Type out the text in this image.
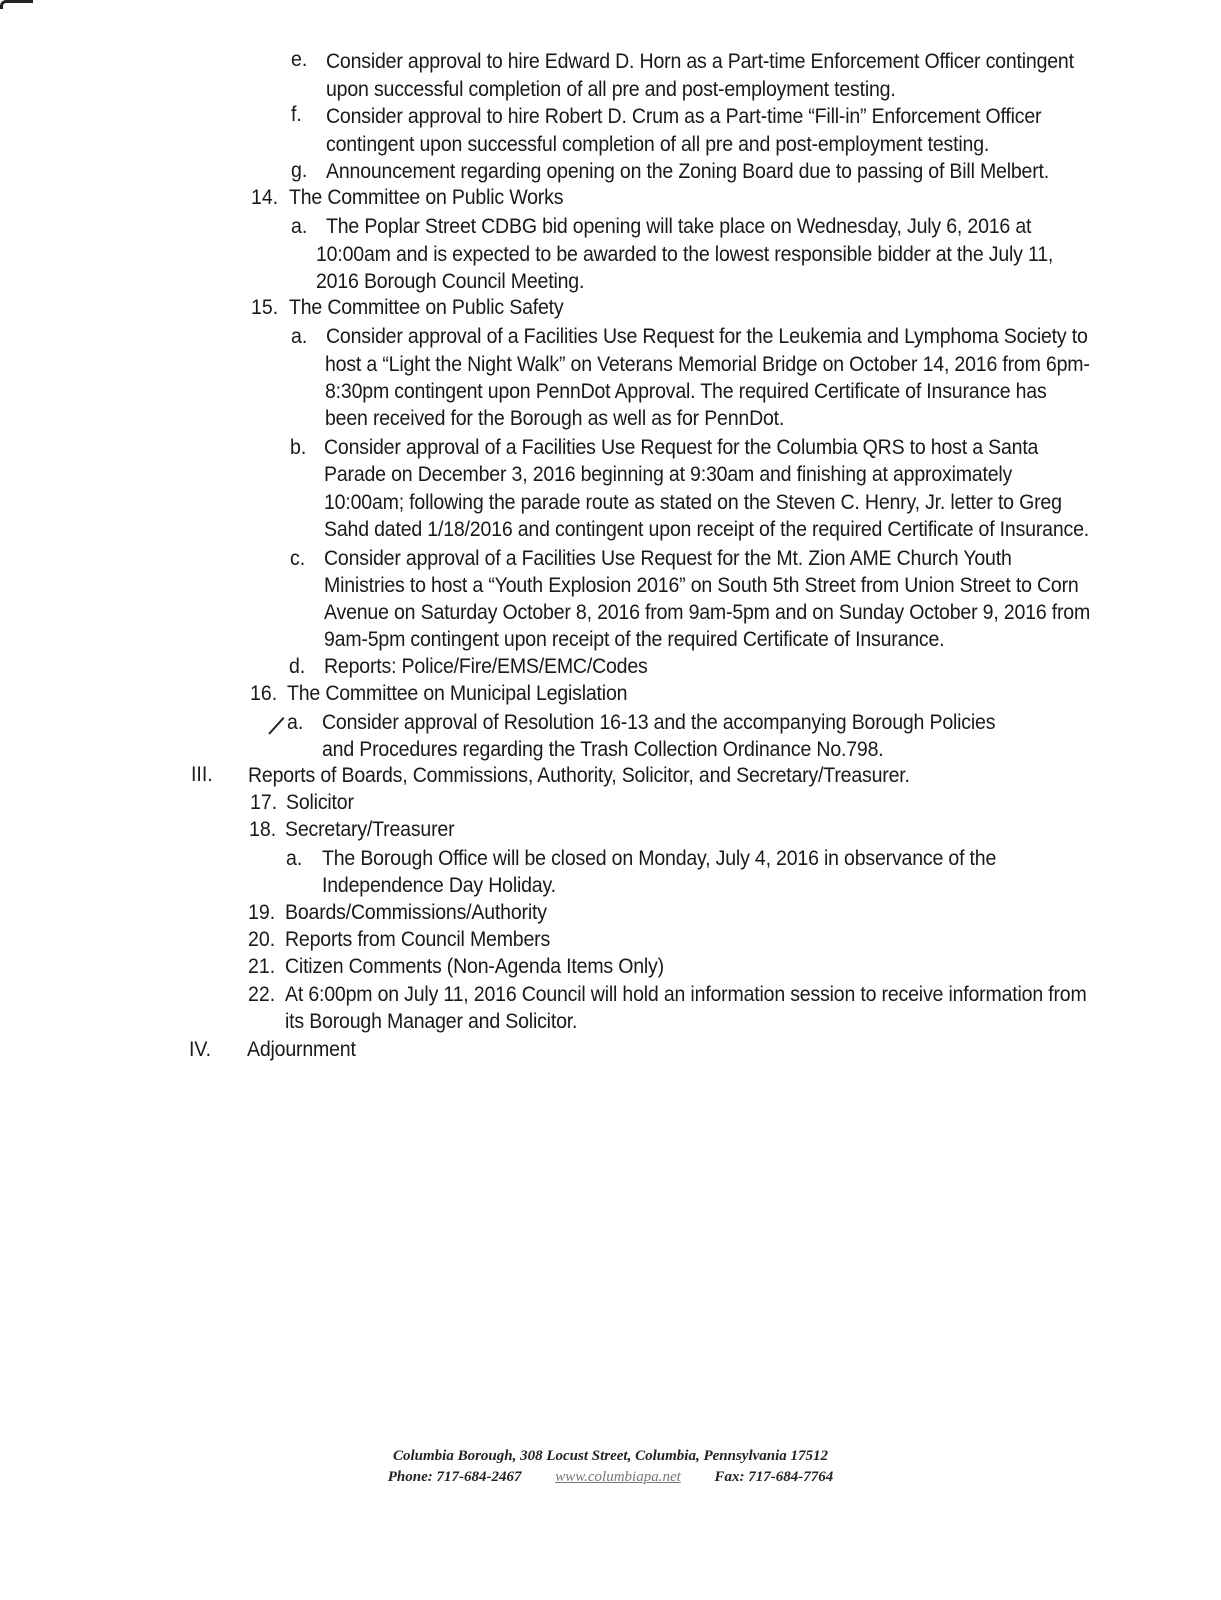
e. Consider approval to hire Edward D. Horn as a Part-time Enforcement Officer contingent
upon successful completion of all pre and post-employment testing.
f. Consider approval to hire Robert D. Crum as a Part-time “Fill-in” Enforcement Officer
contingent upon successful completion of all pre and post-employment testing.
g. Announcement regarding opening on the Zoning Board due to passing of Bill Melbert.
14. The Committee on Public Works
a. The Poplar Street CDBG bid opening will take place on Wednesday, July 6, 2016 at
10:00am and is expected to be awarded to the lowest responsible bidder at the July 11,
2016 Borough Council Meeting.
15. The Committee on Public Safety
a. Consider approval of a Facilities Use Request for the Leukemia and Lymphoma Society to
host a “Light the Night Walk” on Veterans Memorial Bridge on October 14, 2016 from 6pm-
8:30pm contingent upon PennDot Approval. The required Certificate of Insurance has
been received for the Borough as well as for PennDot.
b. Consider approval of a Facilities Use Request for the Columbia QRS to host a Santa
Parade on December 3, 2016 beginning at 9:30am and finishing at approximately
10:00am; following the parade route as stated on the Steven C. Henry, Jr. letter to Greg
Sahd dated 1/18/2016 and contingent upon receipt of the required Certificate of Insurance.
c. Consider approval of a Facilities Use Request for the Mt. Zion AME Church Youth
Ministries to host a “Youth Explosion 2016” on South 5th Street from Union Street to Corn
Avenue on Saturday October 8, 2016 from 9am-5pm and on Sunday October 9, 2016 from
9am-5pm contingent upon receipt of the required Certificate of Insurance.
d. Reports: Police/Fire/EMS/EMC/Codes
16. The Committee on Municipal Legislation
a. Consider approval of Resolution 16-13 and the accompanying Borough Policies
and Procedures regarding the Trash Collection Ordinance No.798.
III. Reports of Boards, Commissions, Authority, Solicitor, and Secretary/Treasurer.
17. Solicitor
18. Secretary/Treasurer
a. The Borough Office will be closed on Monday, July 4, 2016 in observance of the
Independence Day Holiday.
19. Boards/Commissions/Authority
20. Reports from Council Members
21. Citizen Comments (Non-Agenda Items Only)
22. At 6:00pm on July 11, 2016 Council will hold an information session to receive information from
its Borough Manager and Solicitor.
IV. Adjournment
Columbia Borough, 308 Locust Street, Columbia, Pennsylvania 17512
Phone: 717-684-2467 www.columbiapa.net Fax: 717-684-7764
